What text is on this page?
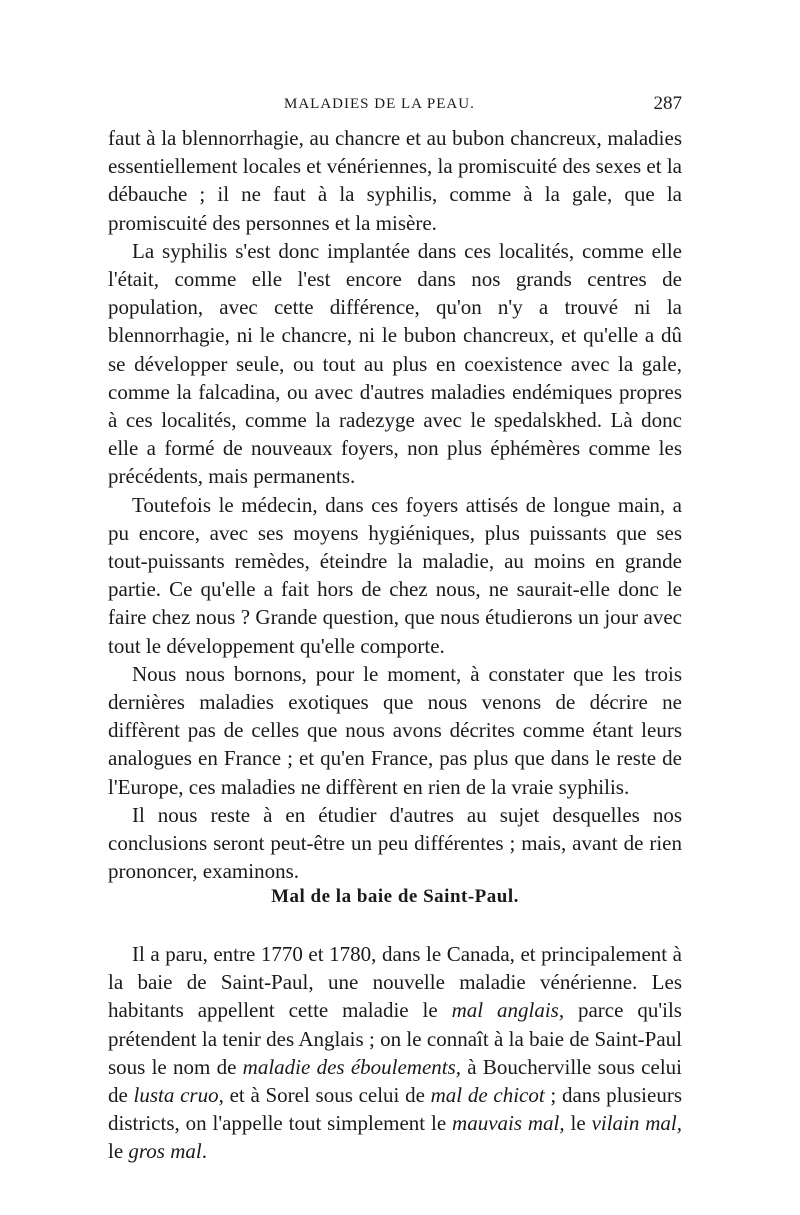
MALADIES DE LA PEAU.	287

faut à la blennorrhagie, au chancre et au bubon chancreux, maladies essentiellement locales et vénériennes, la promiscuité des sexes et la débauche ; il ne faut à la syphilis, comme à la gale, que la promiscuité des personnes et la misère.

La syphilis s'est donc implantée dans ces localités, comme elle l'était, comme elle l'est encore dans nos grands centres de population, avec cette différence, qu'on n'y a trouvé ni la blennorrhagie, ni le chancre, ni le bubon chancreux, et qu'elle a dû se développer seule, ou tout au plus en coexistence avec la gale, comme la falcadina, ou avec d'autres maladies endémiques propres à ces localités, comme la radezyge avec le spedalskhed. Là donc elle a formé de nouveaux foyers, non plus éphémères comme les précédents, mais permanents.

Toutefois le médecin, dans ces foyers attisés de longue main, a pu encore, avec ses moyens hygiéniques, plus puissants que ses tout-puissants remèdes, éteindre la maladie, au moins en grande partie. Ce qu'elle a fait hors de chez nous, ne saurait-elle donc le faire chez nous ? Grande question, que nous étudierons un jour avec tout le développement qu'elle comporte.

Nous nous bornons, pour le moment, à constater que les trois dernières maladies exotiques que nous venons de décrire ne diffèrent pas de celles que nous avons décrites comme étant leurs analogues en France ; et qu'en France, pas plus que dans le reste de l'Europe, ces maladies ne diffèrent en rien de la vraie syphilis.

Il nous reste à en étudier d'autres au sujet desquelles nos conclusions seront peut-être un peu différentes ; mais, avant de rien prononcer, examinons.

Mal de la baie de Saint-Paul.

Il a paru, entre 1770 et 1780, dans le Canada, et principalement à la baie de Saint-Paul, une nouvelle maladie vénérienne. Les habitants appellent cette maladie le mal anglais, parce qu'ils prétendent la tenir des Anglais ; on le connaît à la baie de Saint-Paul sous le nom de maladie des éboulements, à Boucherville sous celui de lusta cruo, et à Sorel sous celui de mal de chicot ; dans plusieurs districts, on l'appelle tout simplement le mauvais mal, le vilain mal, le gros mal.
